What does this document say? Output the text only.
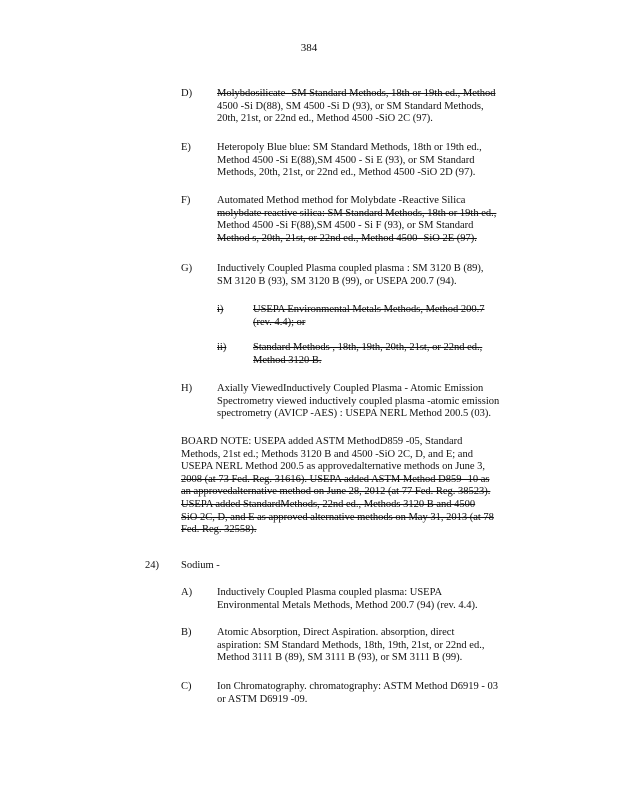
384
D)	Molybdosilicate -SM Standard Methods, 18th or 19th ed., Method
4500 -Si D(88), SM 4500 -Si D (93), or SM Standard Methods,
20th, 21st, or 22nd ed., Method 4500 -SiO 2C (97).
E)	Heteropoly Blue blue: SM Standard Methods, 18th or 19th ed.,
Method 4500 -Si E(88),SM 4500 - Si E (93), or SM Standard
Methods, 20th, 21st, or 22nd ed., Method 4500 -SiO 2D (97).
F)	Automated Method method for Molybdate -Reactive Silica
molybdate reactive silica: SM Standard Methods, 18th or 19th ed.,
Method 4500 -Si F(88),SM 4500 - Si F (93), or SM Standard
Method s, 20th, 21st, or 22nd ed., Method 4500 -SiO 2E (97).
G)	Inductively Coupled Plasma coupled plasma : SM 3120 B (89),
SM 3120 B (93), SM 3120 B (99), or USEPA 200.7 (94).
i)	USEPA Environmental Metals Methods, Method 200.7
(rev. 4.4); or
ii)	Standard Methods , 18th, 19th, 20th, 21st, or 22nd ed.,
Method 3120 B.
H)	Axially ViewedInductively Coupled Plasma - Atomic Emission
Spectrometry viewed inductively coupled plasma -atomic emission
spectrometry (AVICP -AES) : USEPA NERL Method 200.5 (03).
BOARD NOTE: USEPA added ASTM MethodD859 -05, Standard
Methods, 21st ed.; Methods 3120 B and 4500 -SiO 2C, D, and E; and
USEPA NERL Method 200.5 as approvedalternative methods on June 3,
2008 (at 73 Fed. Reg. 31616). USEPA added ASTM Method D859 -10 as
an approvedalternative method on June 28, 2012 (at 77 Fed. Reg. 38523).
USEPA added StandardMethods, 22nd ed., Methods 3120 B and 4500
SiO 2C, D, and E as approved alternative methods on May 31, 2013 (at 78
Fed. Reg. 32558).
24)	Sodium -
A)	Inductively Coupled Plasma coupled plasma: USEPA
Environmental Metals Methods, Method 200.7 (94) (rev. 4.4).
B)	Atomic Absorption, Direct Aspiration. absorption, direct
aspiration: SM Standard Methods, 18th, 19th, 21st, or 22nd ed.,
Method 3111 B (89), SM 3111 B (93), or SM 3111 B (99).
C)	Ion Chromatography. chromatography: ASTM Method D6919 - 03
or ASTM D6919 -09.
